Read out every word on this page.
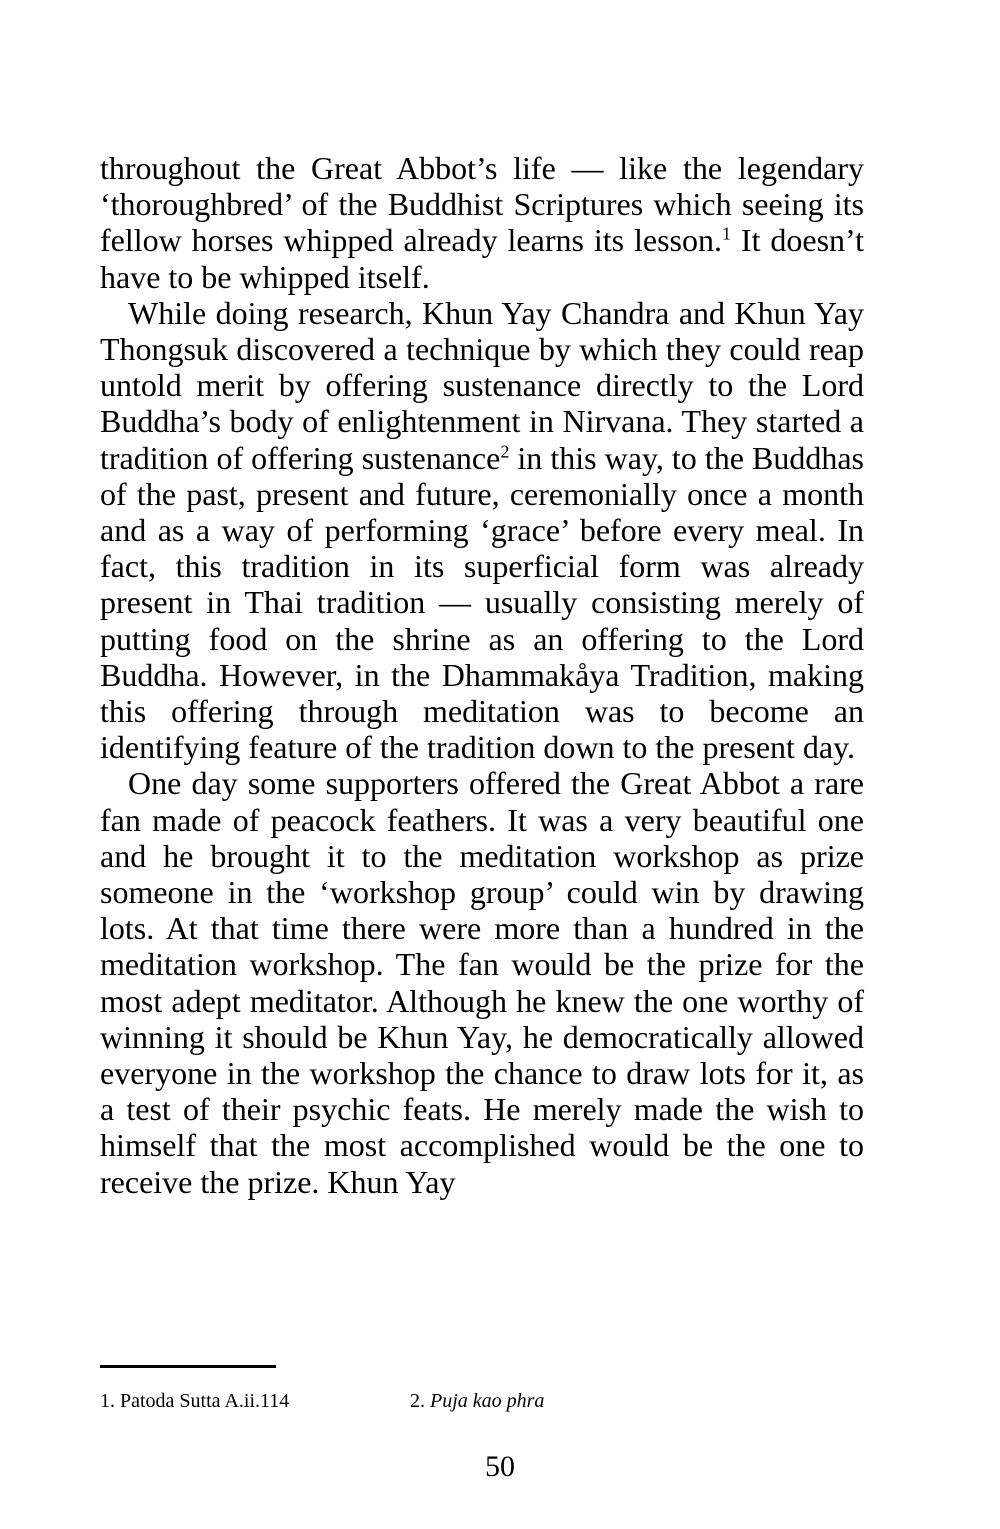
throughout the Great Abbot’s life — like the legendary ‘thoroughbred’ of the Buddhist Scriptures which seeing its fellow horses whipped already learns its lesson.$^1$ It doesn’t have to be whipped itself.

While doing research, Khun Yay Chandra and Khun Yay Thongsuk discovered a technique by which they could reap untold merit by offering sustenance directly to the Lord Buddha’s body of enlightenment in Nirvana. They started a tradition of offering sustenance$^2$ in this way, to the Buddhas of the past, present and future, ceremonially once a month and as a way of performing ‘grace’ before every meal. In fact, this tradition in its superficial form was already present in Thai tradition — usually consisting merely of putting food on the shrine as an offering to the Lord Buddha. However, in the Dhammakåya Tradition, making this offering through meditation was to become an identifying feature of the tradition down to the present day.

One day some supporters offered the Great Abbot a rare fan made of peacock feathers. It was a very beautiful one and he brought it to the meditation workshop as prize someone in the ‘workshop group’ could win by drawing lots. At that time there were more than a hundred in the meditation workshop. The fan would be the prize for the most adept meditator. Although he knew the one worthy of winning it should be Khun Yay, he democratically allowed everyone in the workshop the chance to draw lots for it, as a test of their psychic feats. He merely made the wish to himself that the most accomplished would be the one to receive the prize. Khun Yay

1. Patoda Sutta A.ii.114	2. Puja kao phra
50
